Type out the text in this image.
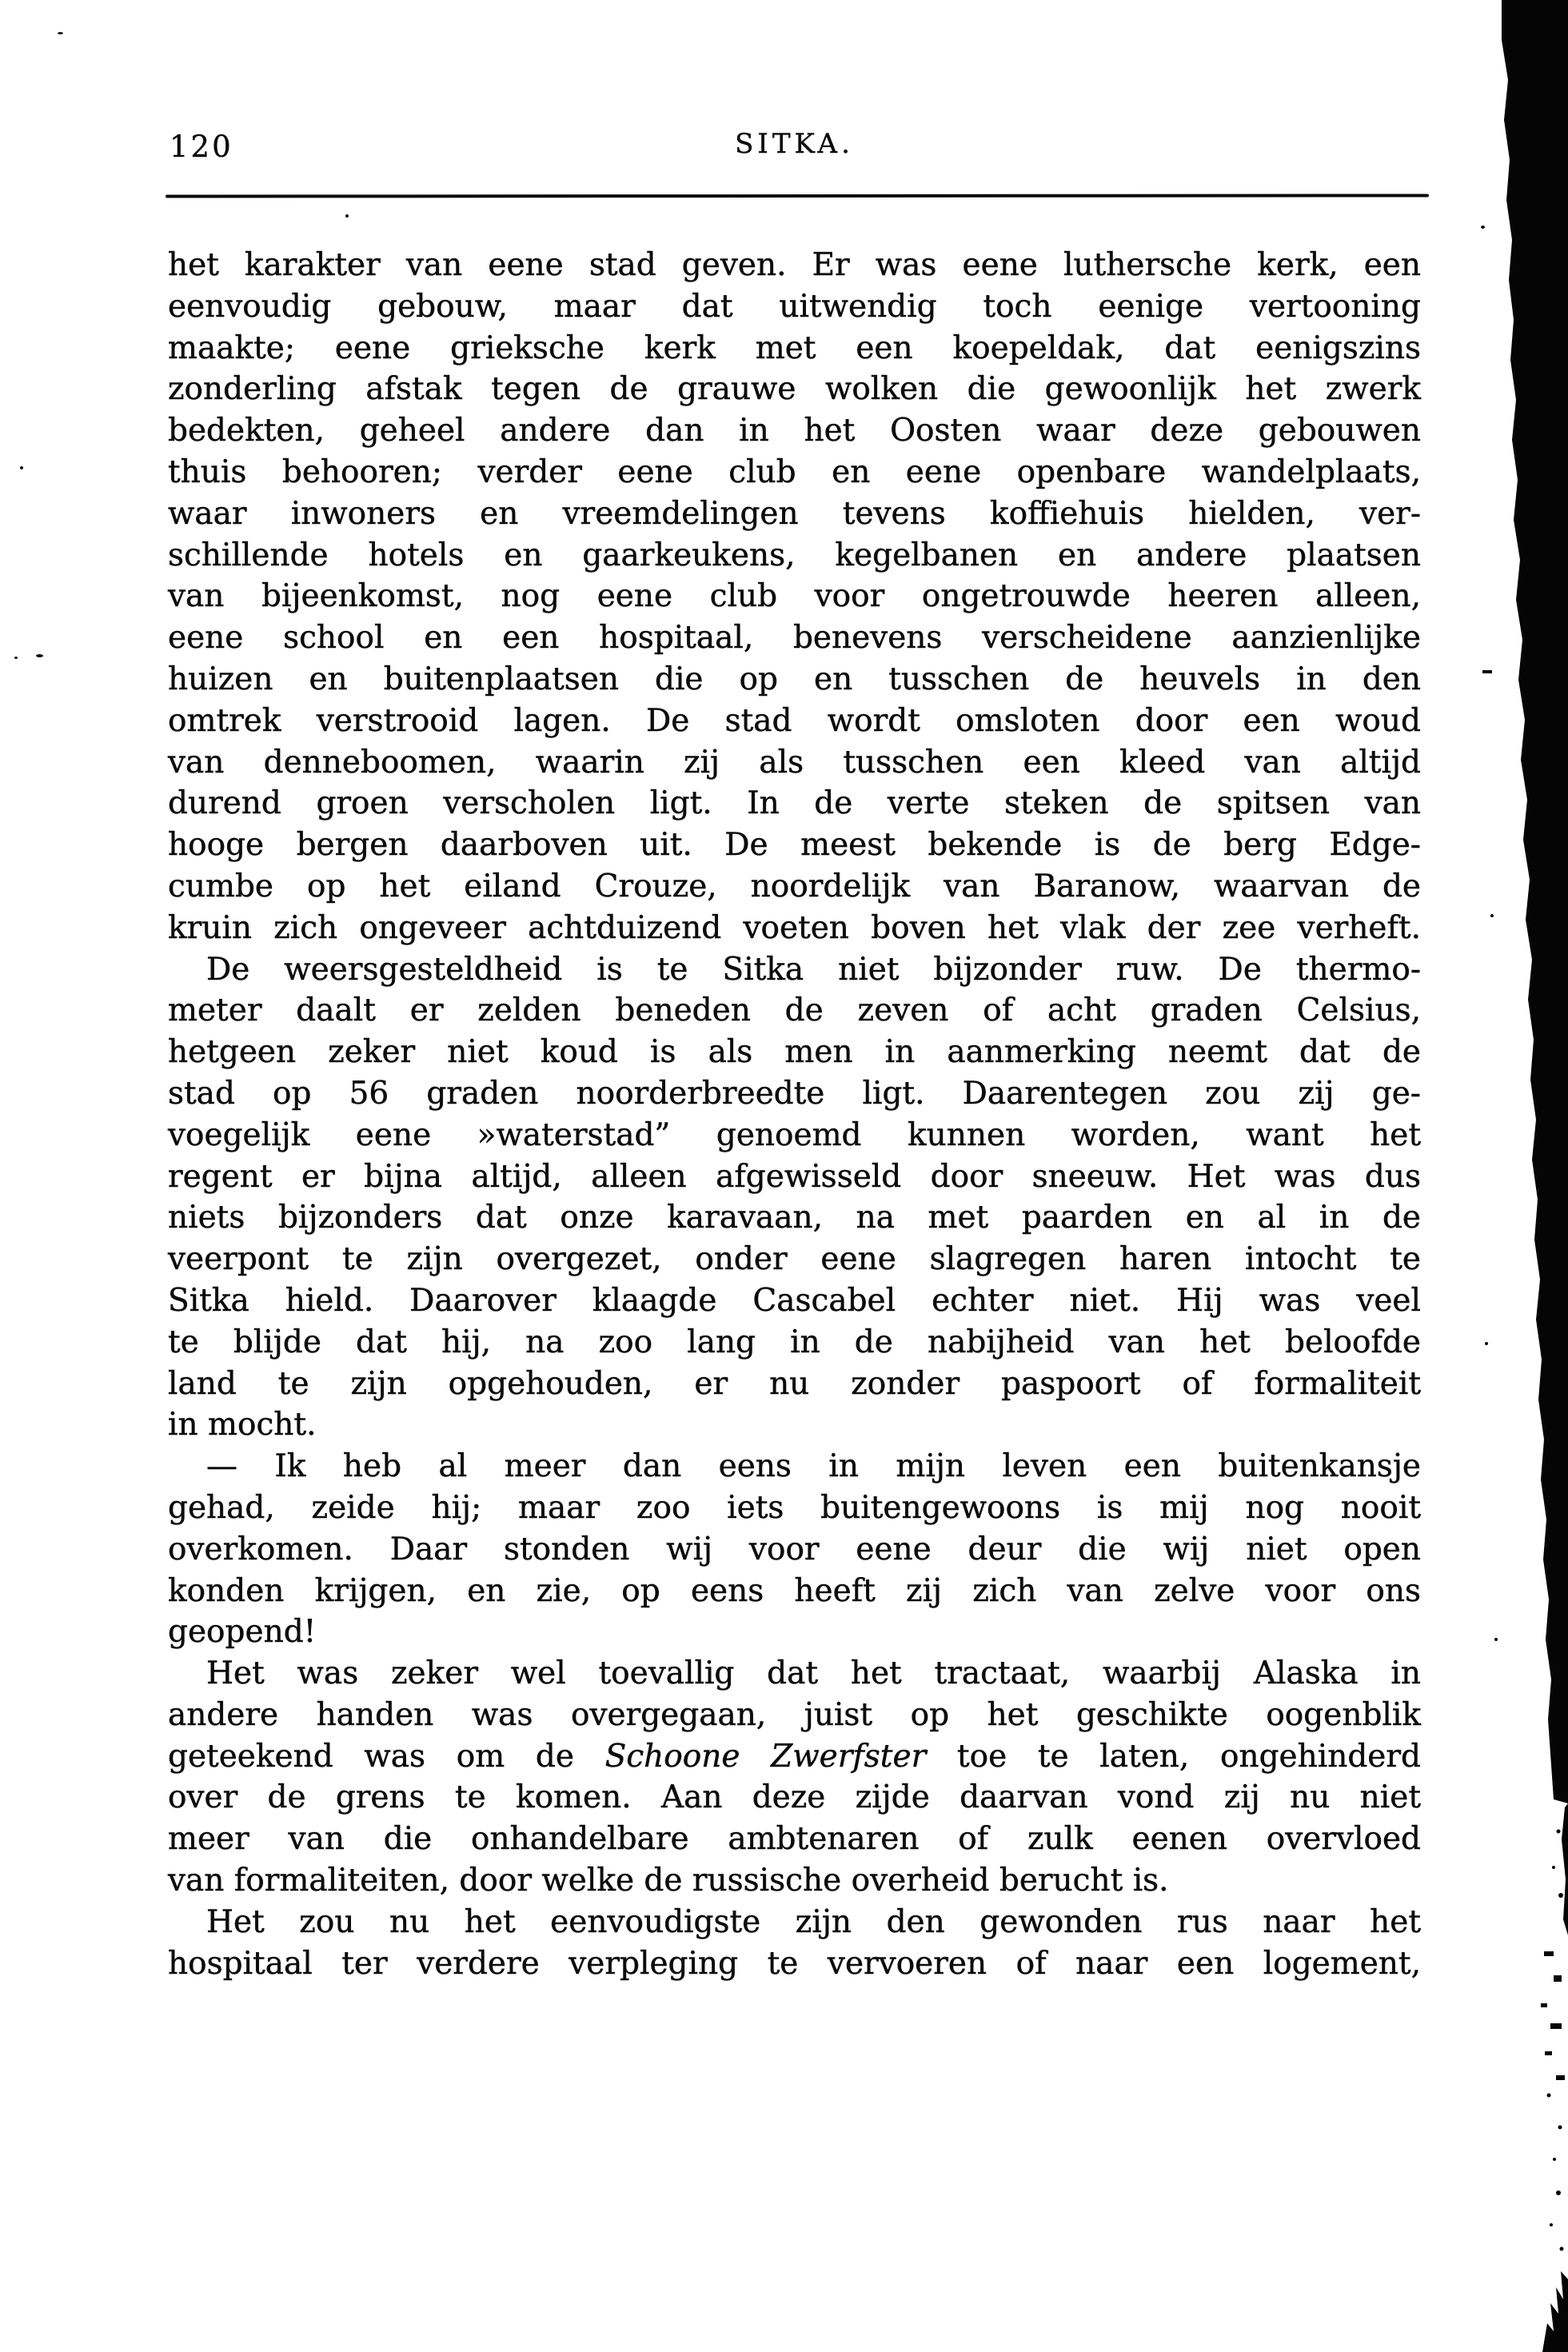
120	SITKA.
het karakter van eene stad geven. Er was eene luthersche kerk, een
eenvoudig gebouw, maar dat uitwendig toch eenige vertooning
maakte; eene grieksche kerk met een koepeldak, dat eenigszins
zonderling afstak tegen de grauwe wolken die gewoonlijk het zwerk
bedekten, geheel andere dan in het Oosten waar deze gebouwen
thuis behooren; verder eene club en eene openbare wandelplaats,
waar inwoners en vreemdelingen tevens koffiehuis hielden, ver-
schillende hotels en gaarkeukens, kegelbanen en andere plaatsen
van bijeenkomst, nog eene club voor ongetrouwde heeren alleen,
eene school en een hospitaal, benevens verscheidene aanzienlijke
huizen en buitenplaatsen die op en tusschen de heuvels in den
omtrek verstrooid lagen. De stad wordt omsloten door een woud
van denneboomen, waarin zij als tusschen een kleed van altijd
durend groen verscholen ligt. In de verte steken de spitsen van
hooge bergen daarboven uit. De meest bekende is de berg Edge-
cumbe op het eiland Crouze, noordelijk van Baranow, waarvan de
kruin zich ongeveer achtduizend voeten boven het vlak der zee verheft.
De weersgesteldheid is te Sitka niet bijzonder ruw. De thermo-
meter daalt er zelden beneden de zeven of acht graden Celsius,
hetgeen zeker niet koud is als men in aanmerking neemt dat de
stad op 56 graden noorderbreedte ligt. Daarentegen zou zij ge-
voegelijk eene »waterstad” genoemd kunnen worden, want het
regent er bijna altijd, alleen afgewisseld door sneeuw. Het was dus
niets bijzonders dat onze karavaan, na met paarden en al in de
veerpont te zijn overgezet, onder eene slagregen haren intocht te
Sitka hield. Daarover klaagde Cascabel echter niet. Hij was veel
te blijde dat hij, na zoo lang in de nabijheid van het beloofde
land te zijn opgehouden, er nu zonder paspoort of formaliteit
in mocht.
— Ik heb al meer dan eens in mijn leven een buitenkansje
gehad, zeide hij; maar zoo iets buitengewoons is mij nog nooit
overkomen. Daar stonden wij voor eene deur die wij niet open
konden krijgen, en zie, op eens heeft zij zich van zelve voor ons
geopend!
Het was zeker wel toevallig dat het tractaat, waarbij Alaska in
andere handen was overgegaan, juist op het geschikte oogenblik
geteekend was om de Schoone Zwerfster toe te laten, ongehinderd
over de grens te komen. Aan deze zijde daarvan vond zij nu niet
meer van die onhandelbare ambtenaren of zulk eenen overvloed
van formaliteiten, door welke de russische overheid berucht is.
Het zou nu het eenvoudigste zijn den gewonden rus naar het
hospitaal ter verdere verpleging te vervoeren of naar een logement,
